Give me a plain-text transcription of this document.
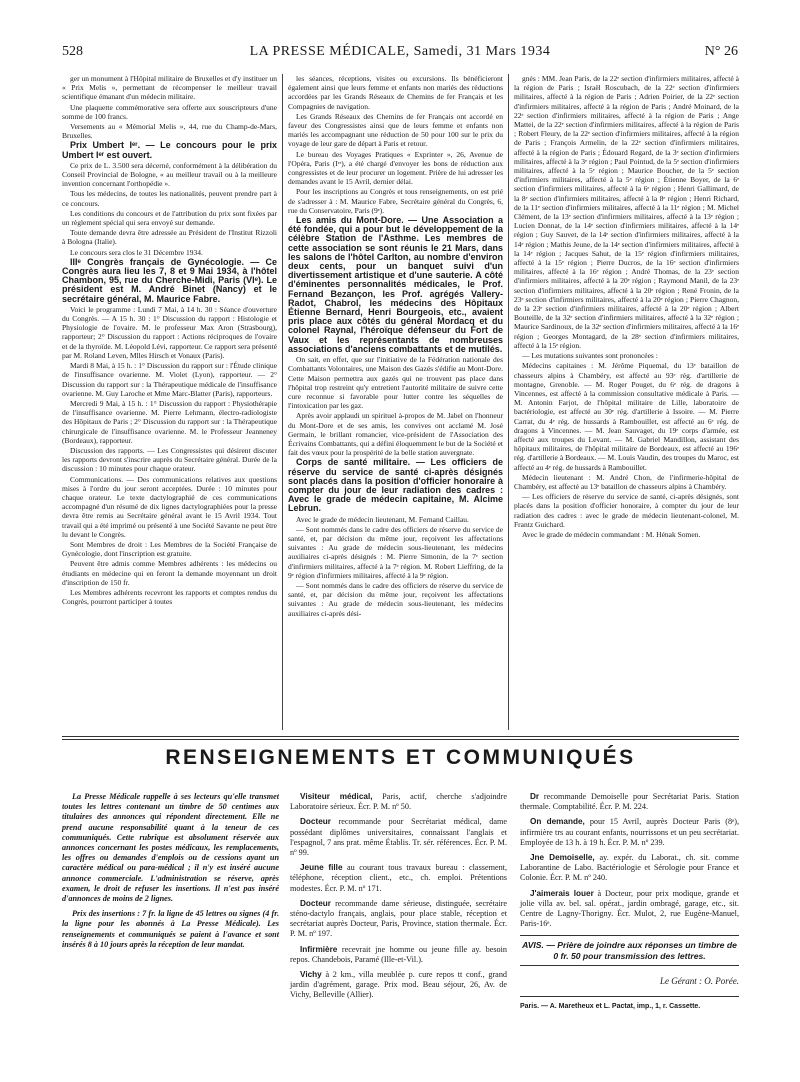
528	LA PRESSE MÉDICALE, Samedi, 31 Mars 1934	N° 26

ger un monument à l'Hôpital militaire de Bruxelles et d'y instituer un « Prix Melis », permettant de récompenser le meilleur travail scientifique émanant d'un médecin militaire.

Une plaquette commémorative sera offerte aux souscripteurs d'une somme de 100 francs.

Versements au « Mémorial Melis », 44, rue du Champ-de-Mars, Bruxelles.

Prix Umbert Iᵉʳ. — Le concours pour le prix Umbert Iᵉʳ est ouvert.

Ce prix de L. 3.500 sera décerné, conformément à la délibération du Conseil Provincial de Bologne, « au meilleur travail ou à la meilleure invention concernant l'orthopédie ».

Tous les médecins, de toutes les nationalités, peuvent prendre part à ce concours.

Les conditions du concours et de l'attribution du prix sont fixées par un règlement spécial qui sera envoyé sur demande.

Toute demande devra être adressée au Président de l'Institut Rizzoli à Bologna (Italie).

Le concours sera clos le 31 Décembre 1934.

IIIᵉ Congrès français de Gynécologie. — Ce Congrès aura lieu les 7, 8 et 9 Mai 1934, à l'hôtel Chambon, 95, rue du Cherche-Midi, Paris (VIᵉ). Le président est M. André Binet (Nancy) et le secrétaire général, M. Maurice Fabre.

Voici le programme : Lundi 7 Mai, à 14 h. 30 : Séance d'ouverture du Congrès. — A 15 h. 30 : 1° Discussion du rapport : Histologie et Physiologie de l'ovaire. M. le professeur Max Aron (Strasbourg), rapporteur; 2° Discussion du rapport : Actions réciproques de l'ovaire et de la thyroïde. M. Léopold Lévi, rapporteur. Ce rapport sera présenté par M. Roland Leven, Mlles Hirsch et Vonaux (Paris).

Mardi 8 Mai, à 15 h. : 1° Discussion du rapport sur : l'Étude clinique de l'insuffisance ovarienne. M. Violet (Lyon), rapporteur. — 2° Discussion du rapport sur : la Thérapeutique médicale de l'insuffisance ovarienne. M. Guy Laroche et Mme Marc-Blatter (Paris), rapporteurs.

Mercredi 9 Mai, à 15 h. : 1° Discussion du rapport : Physiothérapie de l'insuffisance ovarienne. M. Pierre Lehmann, électro-radiologiste des Hôpitaux de Paris ; 2° Discussion du rapport sur : la Thérapeutique chirurgicale de l'insuffisance ovarienne. M. le Professeur Jeanneney (Bordeaux), rapporteur.

Discussion des rapports. — Les Congressistes qui désirent discuter les rapports devront s'inscrire auprès du Secrétaire général. Durée de la discussion : 10 minutes pour chaque orateur.

Communications. — Des communications relatives aux questions mises à l'ordre du jour seront acceptées. Durée : 10 minutes pour chaque orateur. Le texte dactylographié de ces communications accompagné d'un résumé de dix lignes dactylographiées pour la presse devra être remis au Secrétaire général avant le 15 Avril 1934. Tout travail qui a été imprimé ou présenté à une Société Savante ne peut être lu devant le Congrès.

Sont Membres de droit : Les Membres de la Société Française de Gynécologie, dont l'inscription est gratuite.

Peuvent être admis comme Membres adhérents : les médecins ou étudiants en médecine qui en feront la demande moyennant un droit d'inscription de 150 fr.

Les Membres adhérents recevront les rapports et comptes rendus du Congrès, pourront participer à toutes

les séances, réceptions, visites ou excursions. Ils bénéficieront également ainsi que leurs femme et enfants non mariés des réductions accordées par les Grands Réseaux de Chemins de fer Français et les Compagnies de navigation.

Les Grands Réseaux des Chemins de fer Français ont accordé en faveur des Congressistes ainsi que de leurs femme et enfants non mariés les accompagnant une réduction de 50 pour 100 sur le prix du voyage de leur gare de départ à Paris et retour.

Le bureau des Voyages Pratiques « Exprinter », 26, Avenue de l'Opéra, Paris (Iᵉʳ), a été chargé d'envoyer les bons de réduction aux congressistes et de leur procurer un logement. Prière de lui adresser les demandes avant le 15 Avril, dernier délai.

Pour les inscriptions au Congrès et tous renseignements, on est prié de s'adresser à : M. Maurice Fabre, Secrétaire général du Congrès, 6, rue du Conservatoire, Paris (9ᵉ).

Les amis du Mont-Dore. — Une Association a été fondée, qui a pour but le développement de la célèbre Station de l'Asthme. Les membres de cette association se sont réunis le 21 Mars, dans les salons de l'hôtel Carlton, au nombre d'environ deux cents, pour un banquet suivi d'un divertissement artistique et d'une sauterie. A côté d'éminentes personnalités médicales, le Prof. Fernand Bezançon, les Prof. agrégés Vallery-Radot, Chabrol, les médecins des Hôpitaux Étienne Bernard, Henri Bourgeois, etc., avaient pris place aux côtés du général Mordacq et du colonel Raynal, l'héroïque défenseur du Fort de Vaux et les représentants de nombreuses associations d'anciens combattants et de mutilés.

On sait, en effet, que sur l'initiative de la Fédération nationale des Combattants Volontaires, une Maison des Gazés s'édifie au Mont-Dore. Cette Maison permettra aux gazés qui ne trouvent pas place dans l'hôpital trop restreint qu'y entretient l'autorité militaire de suivre cette cure reconnue si favorable pour lutter contre les séquelles de l'intoxication par les gaz.

Après avoir applaudi un spirituel à-propos de M. Jabel on l'honneur du Mont-Dore et de ses amis, les convives ont acclamé M. José Germain, le brillant romancier, vice-président de l'Association des Écrivains Combattants, qui a défini éloquemment le but de la Société et fait des vœux pour la prospérité de la belle station auvergnate.

Corps de santé militaire. — Les officiers de réserve du service de santé ci-après désignés sont placés dans la position d'officier honoraire à compter du jour de leur radiation des cadres : Avec le grade de médecin capitaine, M. Alcime Lebrun.

Avec le grade de médecin lieutenant, M. Fernand Caillau.

— Sont nommés dans le cadre des officiers de réserve du service de santé, et, par décision du même jour, reçoivent les affectations suivantes : Au grade de médecin sous-lieutenant, les médecins auxiliaires ci-après désignés : M. Pierre Simonin, de la 7ᵉ section d'infirmiers militaires, affecté à la 7ᵉ région. M. Robert Lieffring, de la 9ᵉ région d'infirmiers militaires, affecté à la 9ᵉ région.

— Sont nommés dans le cadre des officiers de réserve du service de santé, et, par décision du même jour, reçoivent les affectations suivantes : Au grade de médecin sous-lieutenant, les médecins auxiliaires ci-après dési-

gnés : MM. Jean Paris, de la 22ᵉ section d'infirmiers militaires, affecté à la région de Paris ; Israël Roscubach, de la 22ᵉ section d'infirmiers militaires, affecté à la région de Paris ; Adrien Poirier, de la 22ᵉ section d'infirmiers militaires, affecté à la région de Paris ; André Moinard, de la 22ᵉ section d'infirmiers militaires, affecté à la région de Paris ; Ange Mattei, de la 22ᵉ section d'infirmiers militaires, affecté à la région de Paris ; Robert Fleury, de la 22ᵉ section d'infirmiers militaires, affecté à la région de Paris ; François Armelin, de la 22ᵉ section d'infirmiers militaires, affecté à la région de Paris ; Édouard Regard, de la 3ᵉ section d'infirmiers militaires, affecté à la 3ᵉ région ; Paul Pointud, de la 5ᵉ section d'infirmiers militaires, affecté à la 5ᵉ région ; Maurice Boucher, de la 5ᵉ section d'infirmiers militaires, affecté à la 5ᵉ région ; Étienne Boyer, de la 6ᵉ section d'infirmiers militaires, affecté à la 6ᵉ région ; Henri Gallimard, de la 8ᵉ section d'infirmiers militaires, affecté à la 8ᵉ région ; Henri Richard, de la 11ᵉ section d'infirmiers militaires, affecté à la 11ᵉ région ; M. Michel Clément, de la 13ᵉ section d'infirmiers militaires, affecté à la 13ᵉ région ; Lucien Donnat, de la 14ᵉ section d'infirmiers militaires, affecté à la 14ᵉ région ; Guy Sauvet, de la 14ᵉ section d'infirmiers militaires, affecté à la 14ᵉ région ; Mathis Jeune, de la 14ᵉ section d'infirmiers militaires, affecté à la 14ᵉ région ; Jacques Sahut, de la 15ᵉ région d'infirmiers militaires, affecté à la 15ᵉ région ; Pierre Ducros, de la 16ᵉ section d'infirmiers militaires, affecté à la 16ᵉ région ; André Thomas, de la 23ᵉ section d'infirmiers militaires, affecté à la 20ᵉ région ; Raymond Manil, de la 23ᵉ section d'infirmiers militaires, affecté à la 20ᵉ région ; René Fronin, de la 23ᵉ section d'infirmiers militaires, affecté à la 20ᵉ région ; Pierre Chagnon, de la 23ᵉ section d'infirmiers militaires, affecté à la 20ᵉ région ; Albert Bouteille, de la 32ᵉ section d'infirmiers militaires, affecté à la 32ᵉ région ; Maurice Sardinoux, de la 32ᵉ section d'infirmiers militaires, affecté à la 16ᵉ région ; Georges Montagard, de la 28ᵉ section d'infirmiers militaires, affecté à la 15ᵉ région.

— Les mutations suivantes sont prononcées :

Médecins capitaines : M. Jérôme Piquemal, du 13ᵉ bataillon de chasseurs alpins à Chambéry, est affecté au 93ᵉ rég. d'artillerie de montagne, Grenoble. — M. Roger Pouget, du 6ᵉ rég. de dragons à Vincennes, est affecté à la commission consultative médicale à Paris. — M. Antonin Farjot, de l'hôpital militaire de Lille, laboratoire de bactériologie, est affecté au 30ᵉ rég. d'artillerie à Issoire. — M. Pierre Carrat, du 4ᵉ rég. de hussards à Rambouillet, est affecté au 6ᵉ rég. de dragons à Vincennes. — M. Jean Sauvaget, du 19ᵉ corps d'armée, est affecté aux troupes du Levant. — M. Gabriel Mandillon, assistant des hôpitaux militaires, de l'hôpital militaire de Bordeaux, est affecté au 196ᵉ rég. d'artillerie à Bordeaux. — M. Louis Vaudin, des troupes du Maroc, est affecté au 4ᵉ rég. de hussards à Rambouillet.

Médecin lieutenant : M. André Chon, de l'infirmerie-hôpital de Chambéry, est affecté au 13ᵉ bataillon de chasseurs alpins à Chambéry.

— Les officiers de réserve du service de santé, ci-après désignés, sont placés dans la position d'officier honoraire, à compter du jour de leur radiation des cadres : avec le grade de médecin lieutenant-colonel, M. Frantz Guichard.

Avec le grade de médecin commandant : M. Hénak Somen.

RENSEIGNEMENTS ET COMMUNIQUÉS

La Presse Médicale rappelle à ses lecteurs qu'elle transmet toutes les lettres contenant un timbre de 50 centimes aux titulaires des annonces qui répondent directement. Elle ne prend aucune responsabilité quant à la teneur de ces communiqués. Cette rubrique est absolument réservée aux annonces concernant les postes médicaux, les remplacements, les offres ou demandes d'emplois ou de cessions ayant un caractère médical ou para-médical ; il n'y est inséré aucune annonce commerciale. L'administration se réserve, après examen, le droit de refuser les insertions. Il n'est pas inséré d'annonces de moins de 2 lignes.

Prix des insertions : 7 fr. la ligne de 45 lettres ou signes (4 fr. la ligne pour les abonnés à La Presse Médicale). Les renseignements et communiqués se paient à l'avance et sont insérés 8 à 10 jours après la réception de leur mandat.

Visiteur médical, Paris, actif, cherche s'adjoindre Laboratoire sérieux. Écr. P. M. nº 50.

Docteur recommande pour Secrétariat médical, dame possédant diplômes universitaires, connaissant l'anglais et l'espagnol, 7 ans prat. même Établis. Tr. sér. références. Écr. P. M. nº 99.

Jeune fille au courant tous travaux bureau : classement, téléphone, réception client., etc., ch. emploi. Prétentions modestes. Écr. P. M. nº 171.

Docteur recommande dame sérieuse, distinguée, secrétaire sténo-dactylo français, anglais, pour place stable, réception et secrétariat auprès Docteur, Paris, Province, station thermale. Écr. P. M. nº 197.

Infirmière recevrait jne homme ou jeune fille ay. besoin repos. Chandebois, Paramé (Ille-et-Vil.).

Vichy à 2 km., villa meublée p. cure repos tt conf., grand jardin d'agrément, garage. Prix mod. Beau séjour, 26, Av. de Vichy, Belleville (Allier).

Dr recommande Demoiselle pour Secrétariat Paris. Station thermale. Comptabilité. Écr. P. M. 224.

On demande, pour 15 Avril, auprès Docteur Paris (8ᵉ), infirmière trs au courant enfants, nourrissons et un peu secrétariat. Employée de 13 h. à 19 h. Écr. P. M. nº 239.

Jne Demoiselle, ay. expér. du Laborat., ch. sit. comme Laborantine de Labo. Bactériologie et Sérologie pour France et Colonie. Écr. P. M. nº 240.

J'aimerais louer à Docteur, pour prix modique, grande et jolie villa av. bel. sal. opérat., jardin ombragé, garage, etc., sit. Centre de Lagny-Thorigny. Écr. Mulot, 2, rue Eugène-Manuel, Paris-16ᵉ.

AVIS. — Prière de joindre aux réponses un timbre de 0 fr. 50 pour transmission des lettres.
Le Gérant : O. Porée.
Paris. — A. Maretheux et L. Pactat, imp., 1, r. Cassette.
